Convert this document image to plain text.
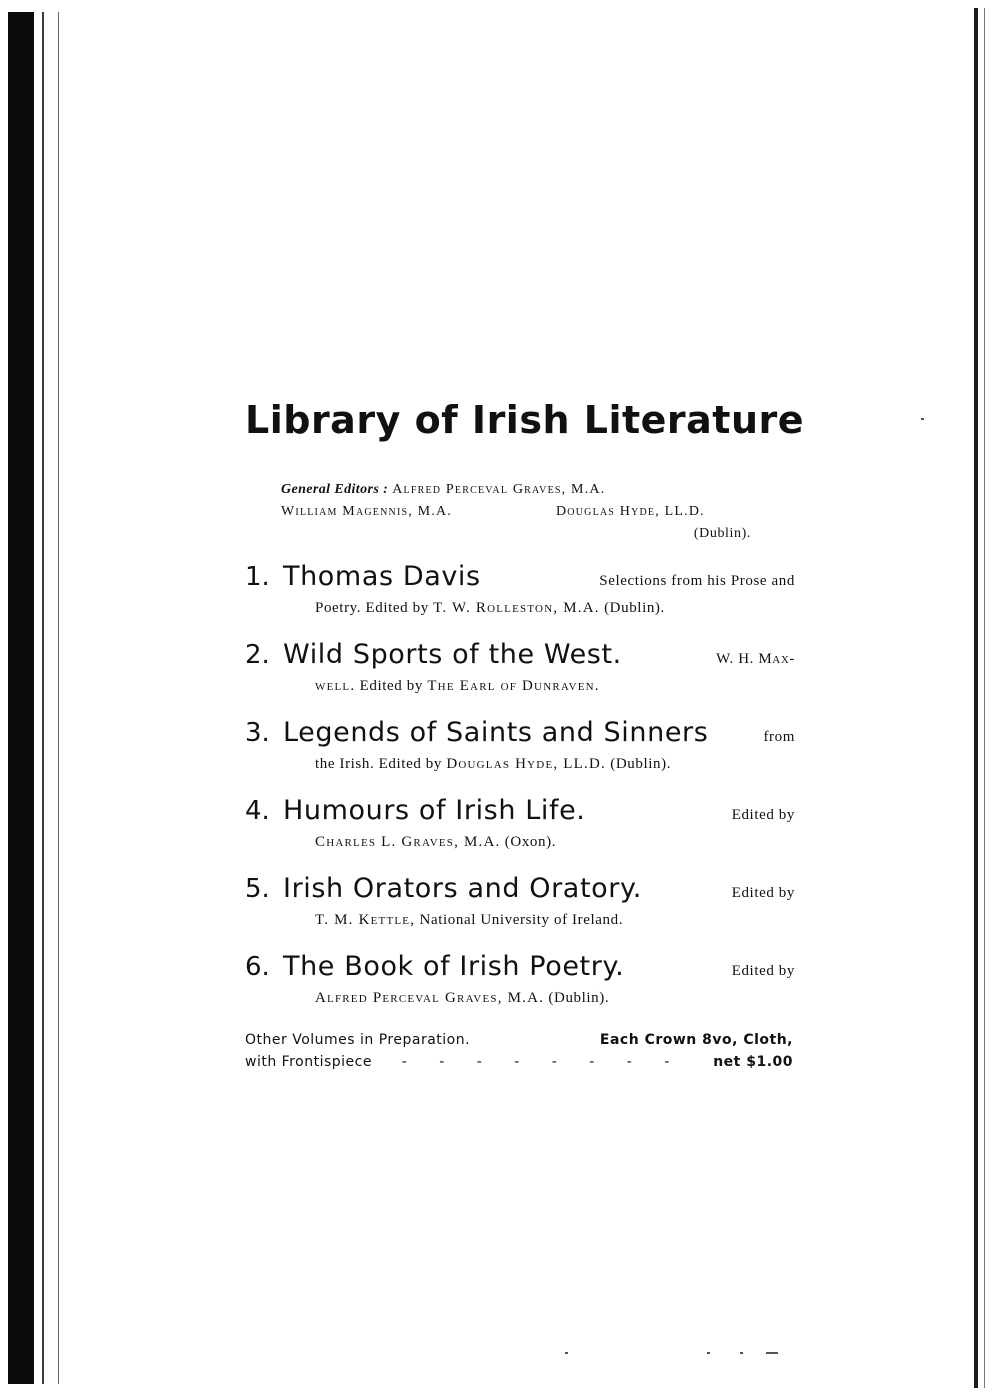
Library of Irish Literature
General Editors : Alfred Perceval Graves, M.A.
William Magennis, M.A.	Douglas Hyde, LL.D.
(Dublin).
1. Thomas Davis	Selections from his Prose and
Poetry. Edited by T. W. Rolleston, M.A. (Dublin).
2. Wild Sports of the West.	W. H. Max-
well. Edited by The Earl of Dunraven.
3. Legends of Saints and Sinners	from
the Irish. Edited by Douglas Hyde, LL.D. (Dublin).
4. Humours of Irish Life.	Edited by
Charles L. Graves, M.A. (Oxon).
5. Irish Orators and Oratory.	Edited by
T. M. Kettle, National University of Ireland.
6. The Book of Irish Poetry.	Edited by
Alfred Perceval Graves, M.A. (Dublin).
Other Volumes in Preparation.	Each Crown 8vo, Cloth,
with Frontispiece	- - - - - - - -	net $1.00
